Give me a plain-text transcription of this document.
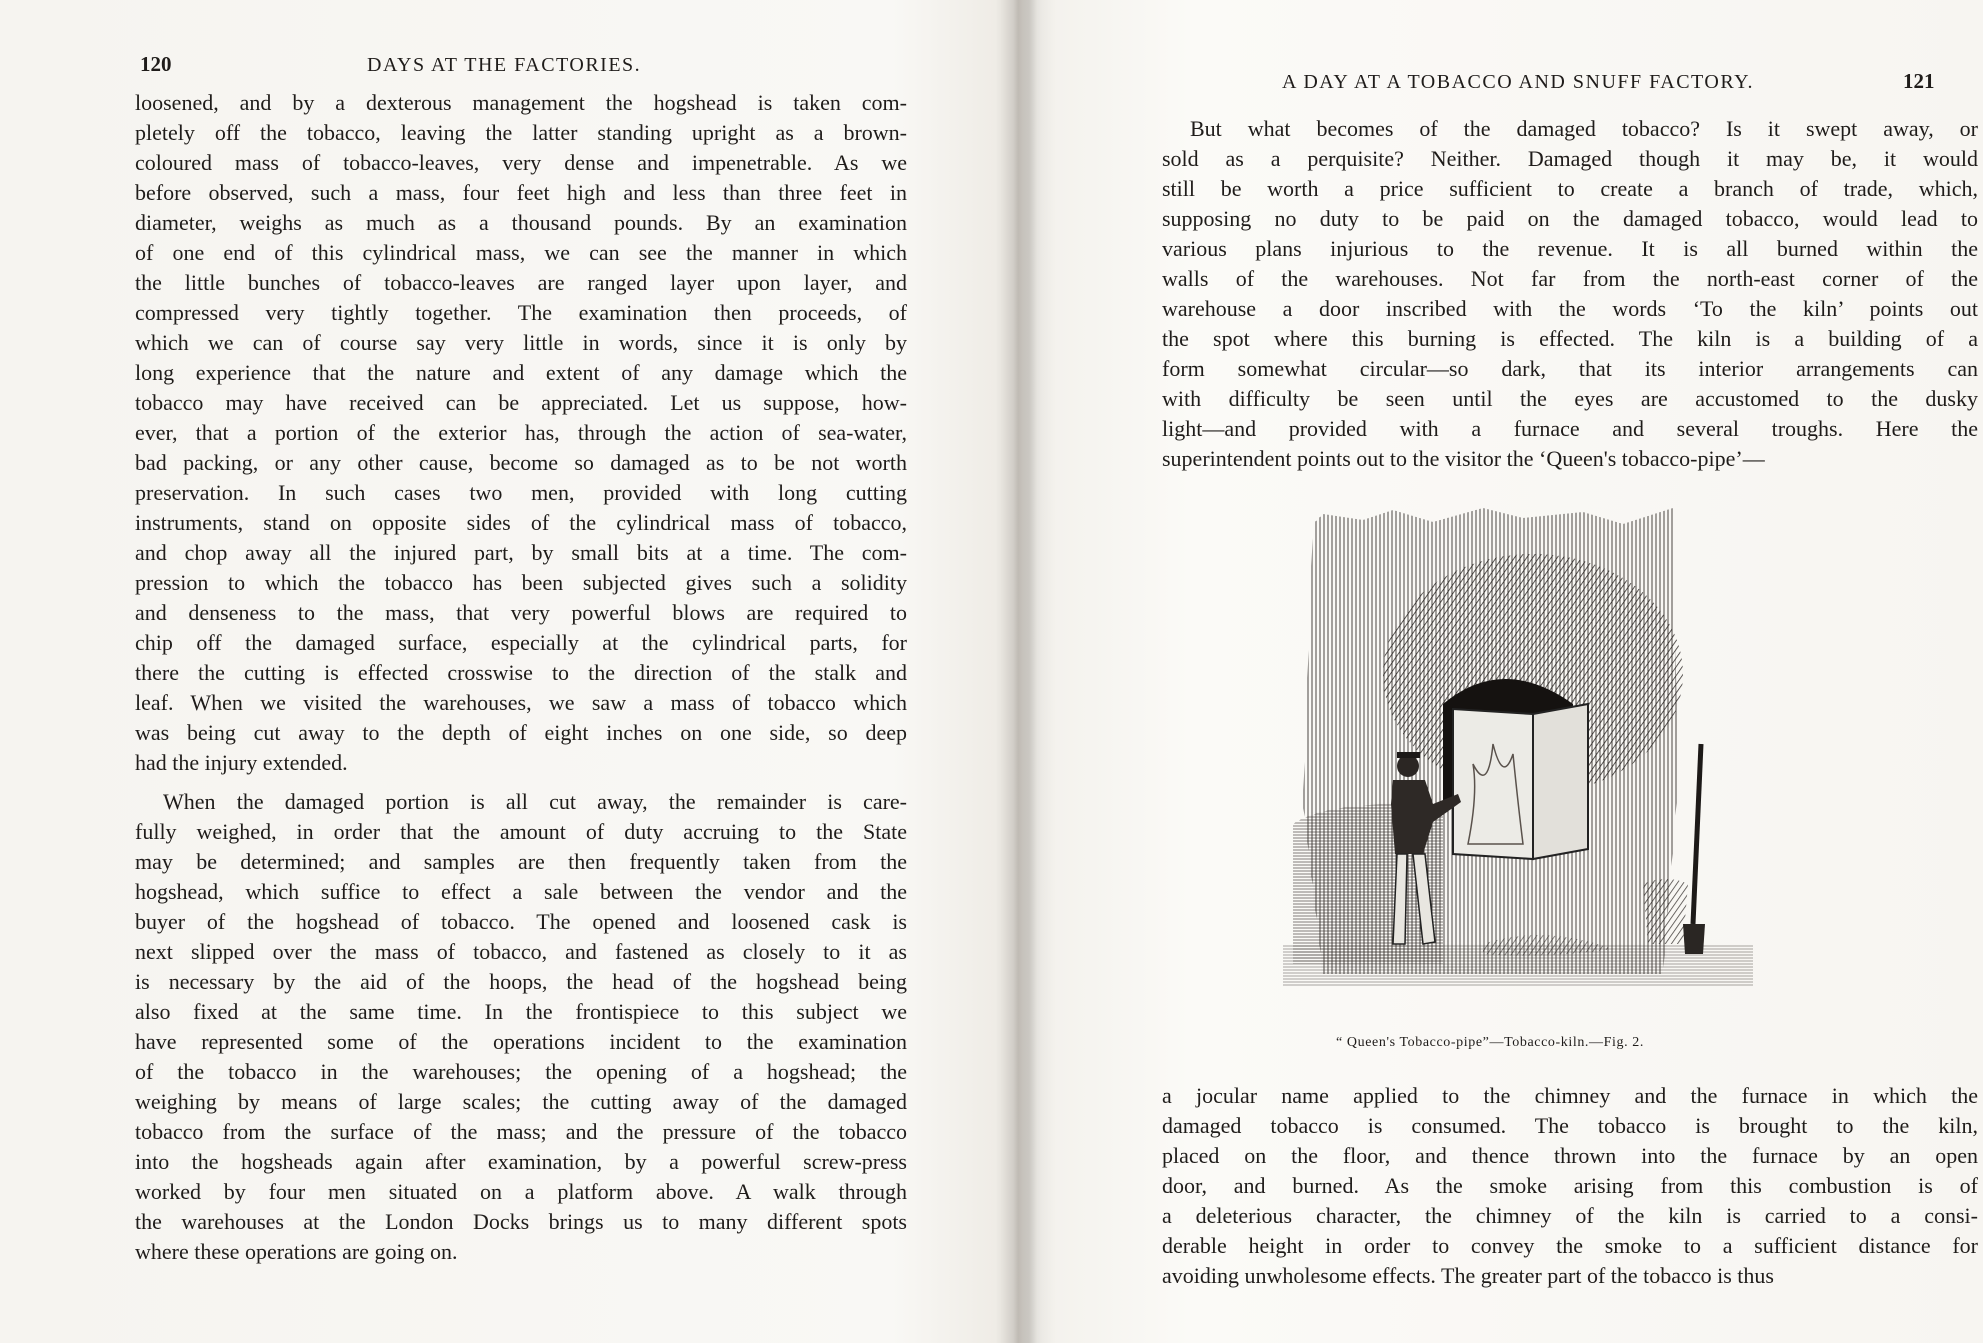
120	DAYS AT THE FACTORIES.
loosened, and by a dexterous management the hogshead is taken com-
pletely off the tobacco, leaving the latter standing upright as a brown-
coloured mass of tobacco-leaves, very dense and impenetrable. As we
before observed, such a mass, four feet high and less than three feet in
diameter, weighs as much as a thousand pounds. By an examination
of one end of this cylindrical mass, we can see the manner in which
the little bunches of tobacco-leaves are ranged layer upon layer, and
compressed very tightly together. The examination then proceeds, of
which we can of course say very little in words, since it is only by
long experience that the nature and extent of any damage which the
tobacco may have received can be appreciated. Let us suppose, how-
ever, that a portion of the exterior has, through the action of sea-water,
bad packing, or any other cause, become so damaged as to be not worth
preservation. In such cases two men, provided with long cutting
instruments, stand on opposite sides of the cylindrical mass of tobacco,
and chop away all the injured part, by small bits at a time. The com-
pression to which the tobacco has been subjected gives such a solidity
and denseness to the mass, that very powerful blows are required to
chip off the damaged surface, especially at the cylindrical parts, for
there the cutting is effected crosswise to the direction of the stalk and
leaf. When we visited the warehouses, we saw a mass of tobacco which
was being cut away to the depth of eight inches on one side, so deep
had the injury extended.
When the damaged portion is all cut away, the remainder is care-
fully weighed, in order that the amount of duty accruing to the State
may be determined; and samples are then frequently taken from the
hogshead, which suffice to effect a sale between the vendor and the
buyer of the hogshead of tobacco. The opened and loosened cask is
next slipped over the mass of tobacco, and fastened as closely to it as
is necessary by the aid of the hoops, the head of the hogshead being
also fixed at the same time. In the frontispiece to this subject we
have represented some of the operations incident to the examination
of the tobacco in the warehouses; the opening of a hogshead; the
weighing by means of large scales; the cutting away of the damaged
tobacco from the surface of the mass; and the pressure of the tobacco
into the hogsheads again after examination, by a powerful screw-press
worked by four men situated on a platform above. A walk through
the warehouses at the London Docks brings us to many different spots
where these operations are going on.
A DAY AT A TOBACCO AND SNUFF FACTORY.	121
But what becomes of the damaged tobacco? Is it swept away, or
sold as a perquisite? Neither. Damaged though it may be, it would
still be worth a price sufficient to create a branch of trade, which,
supposing no duty to be paid on the damaged tobacco, would lead to
various plans injurious to the revenue. It is all burned within the
walls of the warehouses. Not far from the north-east corner of the
warehouse a door inscribed with the words ‘To the kiln’ points out
the spot where this burning is effected. The kiln is a building of a
form somewhat circular—so dark, that its interior arrangements can
with difficulty be seen until the eyes are accustomed to the dusky
light—and provided with a furnace and several troughs. Here the
superintendent points out to the visitor the ‘Queen's tobacco-pipe’—
“ Queen's Tobacco-pipe”—Tobacco-kiln.—Fig. 2.
a jocular name applied to the chimney and the furnace in which the
damaged tobacco is consumed. The tobacco is brought to the kiln,
placed on the floor, and thence thrown into the furnace by an open
door, and burned. As the smoke arising from this combustion is of
a deleterious character, the chimney of the kiln is carried to a consi-
derable height in order to convey the smoke to a sufficient distance for
avoiding unwholesome effects. The greater part of the tobacco is thus
